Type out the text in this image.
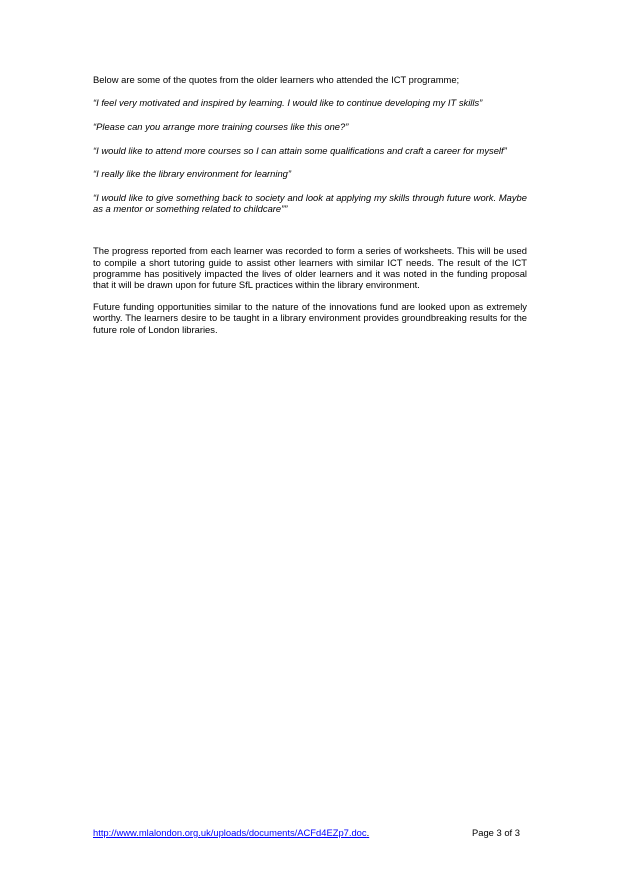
Below are some of the quotes from the older learners who attended the ICT programme;

“I feel very motivated and inspired by learning. I would like to continue developing my IT skills”

“Please can you arrange more training courses like this one?”

“I would like to attend more courses so I can attain some qualifications and craft a career for myself”

“I really like the library environment for learning”

“I would like to give something back to society and look at applying my skills through future work. Maybe as a mentor or something related to childcare””

The progress reported from each learner was recorded to form a series of worksheets. This will be used to compile a short tutoring guide to assist other learners with similar ICT needs. The result of the ICT programme has positively impacted the lives of older learners and it was noted in the funding proposal that it will be drawn upon for future SfL practices within the library environment.

Future funding opportunities similar to the nature of the innovations fund are looked upon as extremely worthy. The learners desire to be taught in a library environment provides groundbreaking results for the future role of London libraries.

http://www.mlalondon.org.uk/uploads/documents/ACFd4EZp7.doc.	Page 3 of 3
